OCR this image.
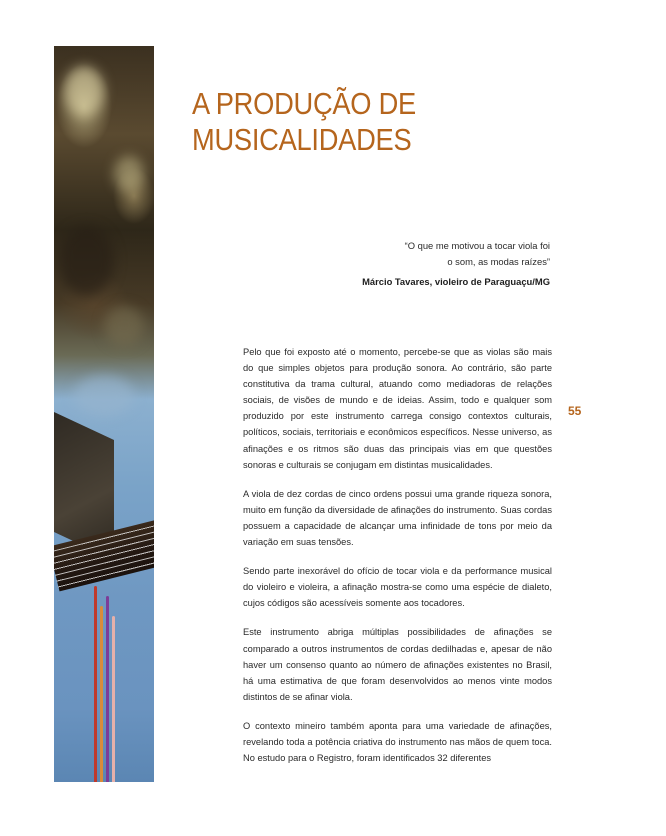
A PRODUÇÃO DE
MUSICALIDADES
“O que me motivou a tocar viola foi
o som, as modas raízes”
Márcio Tavares, violeiro de Paraguaçu/MG
55

Pelo que foi exposto até o momento, percebe-se que as violas são mais do que simples objetos para produção sonora. Ao contrário, são parte constitutiva da trama cultural, atuando como mediadoras de relações sociais, de visões de mundo e de ideias. Assim, todo e qualquer som produzido por este instrumento carrega consigo contextos culturais, políticos, sociais, territoriais e econômicos específicos. Nesse universo, as afinações e os ritmos são duas das principais vias em que questões sonoras e culturais se conjugam em distintas musicalidades.

A viola de dez cordas de cinco ordens possui uma grande riqueza sonora, muito em função da diversidade de afinações do instrumento. Suas cordas possuem a capacidade de alcançar uma infinidade de tons por meio da variação em suas tensões.

Sendo parte inexorável do ofício de tocar viola e da performance musical do violeiro e violeira, a afinação mostra-se como uma espécie de dialeto, cujos códigos são acessíveis somente aos tocadores.

Este instrumento abriga múltiplas possibilidades de afinações se comparado a outros instrumentos de cordas dedilhadas e, apesar de não haver um consenso quanto ao número de afinações existentes no Brasil, há uma estimativa de que foram desenvolvidos ao menos vinte modos distintos de se afinar viola.

O contexto mineiro também aponta para uma variedade de afinações, revelando toda a potência criativa do instrumento nas mãos de quem toca. No estudo para o Registro, foram identificados 32 diferentes
